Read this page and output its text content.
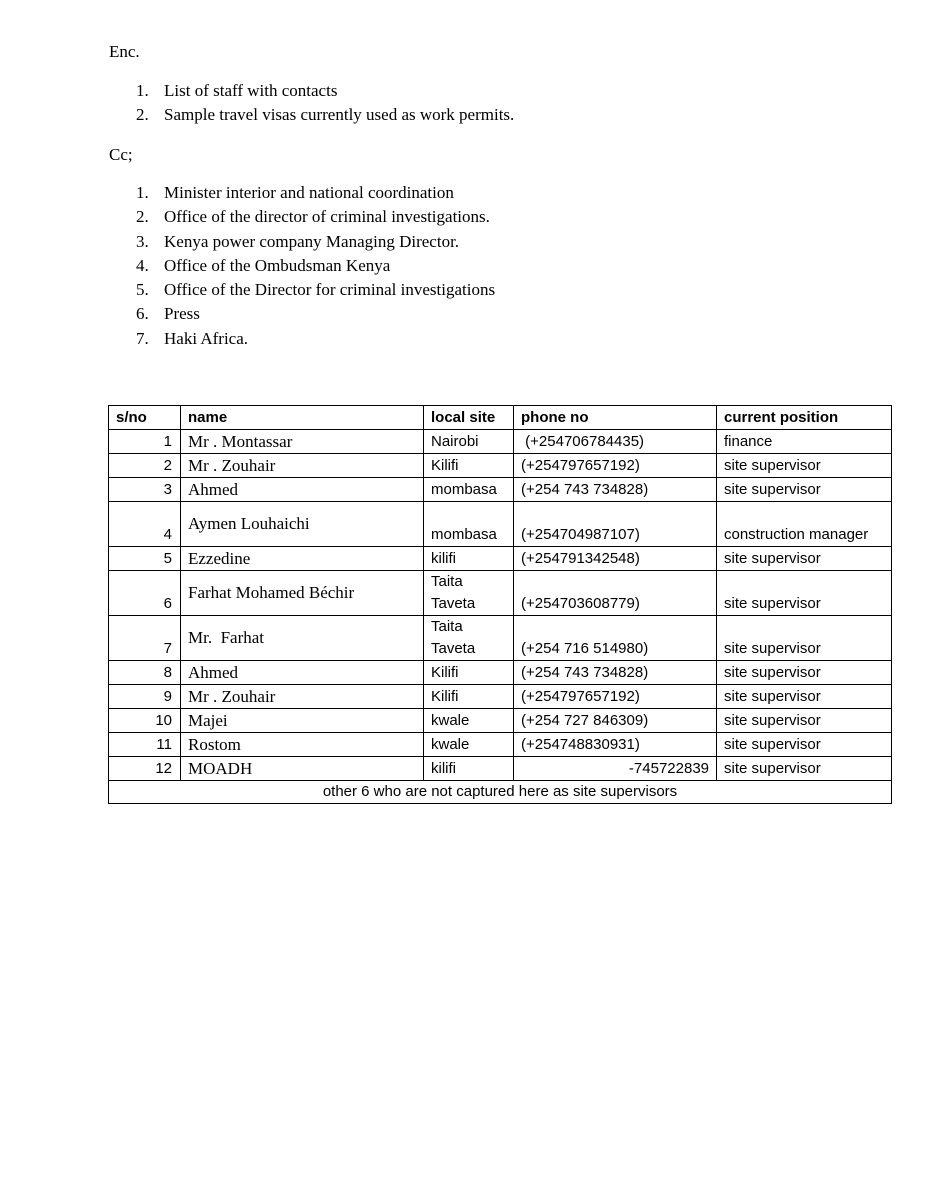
Enc.

1. List of staff with contacts
2. Sample travel visas currently used as work permits.

Cc;

1. Minister interior and national coordination
2. Office of the director of criminal investigations.
3. Kenya power company Managing Director.
4. Office of the Ombudsman Kenya
5. Office of the Director for criminal investigations
6. Press
7. Haki Africa.
s/no	name	local site	phone no	current position
1	Mr . Montassar	Nairobi	(+254706784435)	finance
2	Mr . Zouhair	Kilifi	(+254797657192)	site supervisor
3	Ahmed	mombasa	(+254 743 734828)	site supervisor
4	Aymen Louhaichi	mombasa	(+254704987107)	construction manager
5	Ezzedine	kilifi	(+254791342548)	site supervisor
6	Farhat Mohamed Béchir	Taita Taveta	(+254703608779)	site supervisor
7	Mr.  Farhat	Taita Taveta	(+254 716 514980)	site supervisor
8	Ahmed	Kilifi	(+254 743 734828)	site supervisor
9	Mr . Zouhair	Kilifi	(+254797657192)	site supervisor
10	Majei	kwale	(+254 727 846309)	site supervisor
11	Rostom	kwale	(+254748830931)	site supervisor
12	MOADH	kilifi	-745722839	site supervisor
other 6 who are not captured here as site supervisors				
